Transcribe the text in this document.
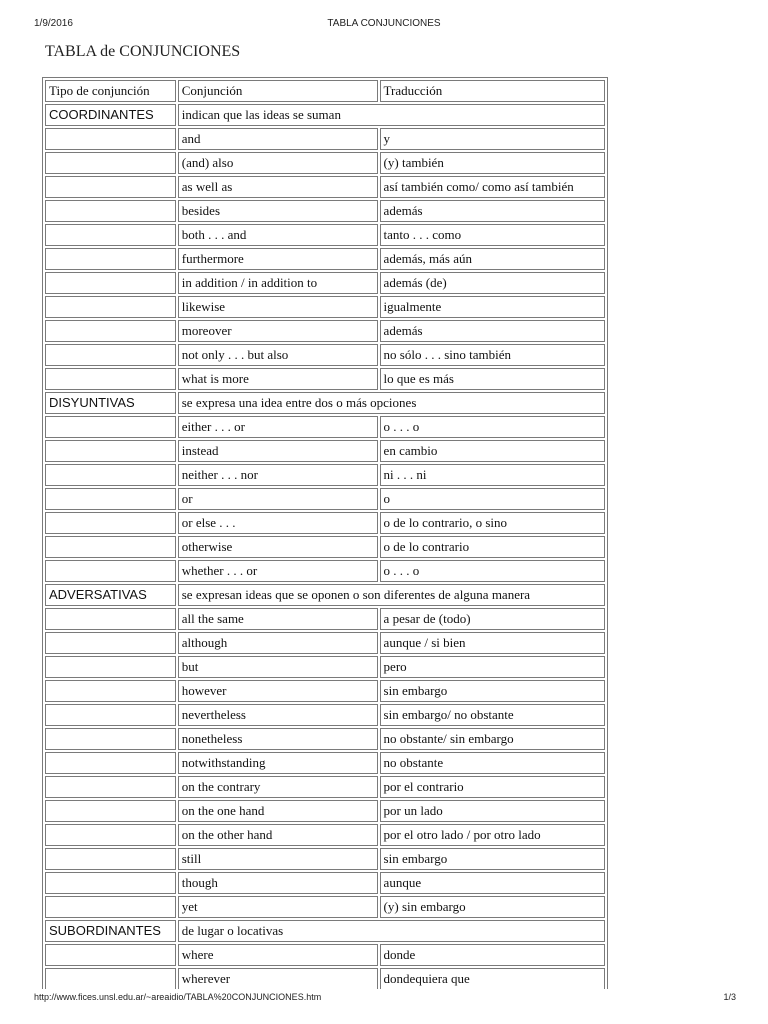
1/9/2016	TABLA CONJUNCIONES
TABLA de CONJUNCIONES
Tipo de conjunción	Conjunción	Traducción
COORDINANTES	indican que las ideas se suman	
	and	y
	(and) also	(y) también
	as well as	así también como/ como así también
	besides	además
	both . . . and	tanto . . . como
	furthermore	además, más aún
	in addition / in addition to	además (de)
	likewise	igualmente
	moreover	además
	not only . . . but also	no sólo . . . sino también
	what is more	lo que es más
DISYUNTIVAS	se expresa una idea entre dos o más opciones	
	either . . . or	o . . . o
	instead	en cambio
	neither . . . nor	ni . . . ni
	or	o
	or else . . .	o de lo contrario, o sino
	otherwise	o de lo contrario
	whether . . . or	o . . . o
ADVERSATIVAS	se expresan ideas que se oponen o son diferentes de alguna manera	
	all the same	a pesar de (todo)
	although	aunque / si bien
	but	pero
	however	sin embargo
	nevertheless	sin embargo/ no obstante
	nonetheless	no obstante/ sin embargo
	notwithstanding	no obstante
	on the contrary	por el contrario
	on the one hand	por un lado
	on the other hand	por el otro lado / por otro lado
	still	sin embargo
	though	aunque
	yet	(y) sin embargo
SUBORDINANTES	de lugar o locativas	
	where	donde
	wherever	dondequiera que

http://www.fices.unsl.edu.ar/~areaidio/TABLA%20CONJUNCIONES.htm	1/3
